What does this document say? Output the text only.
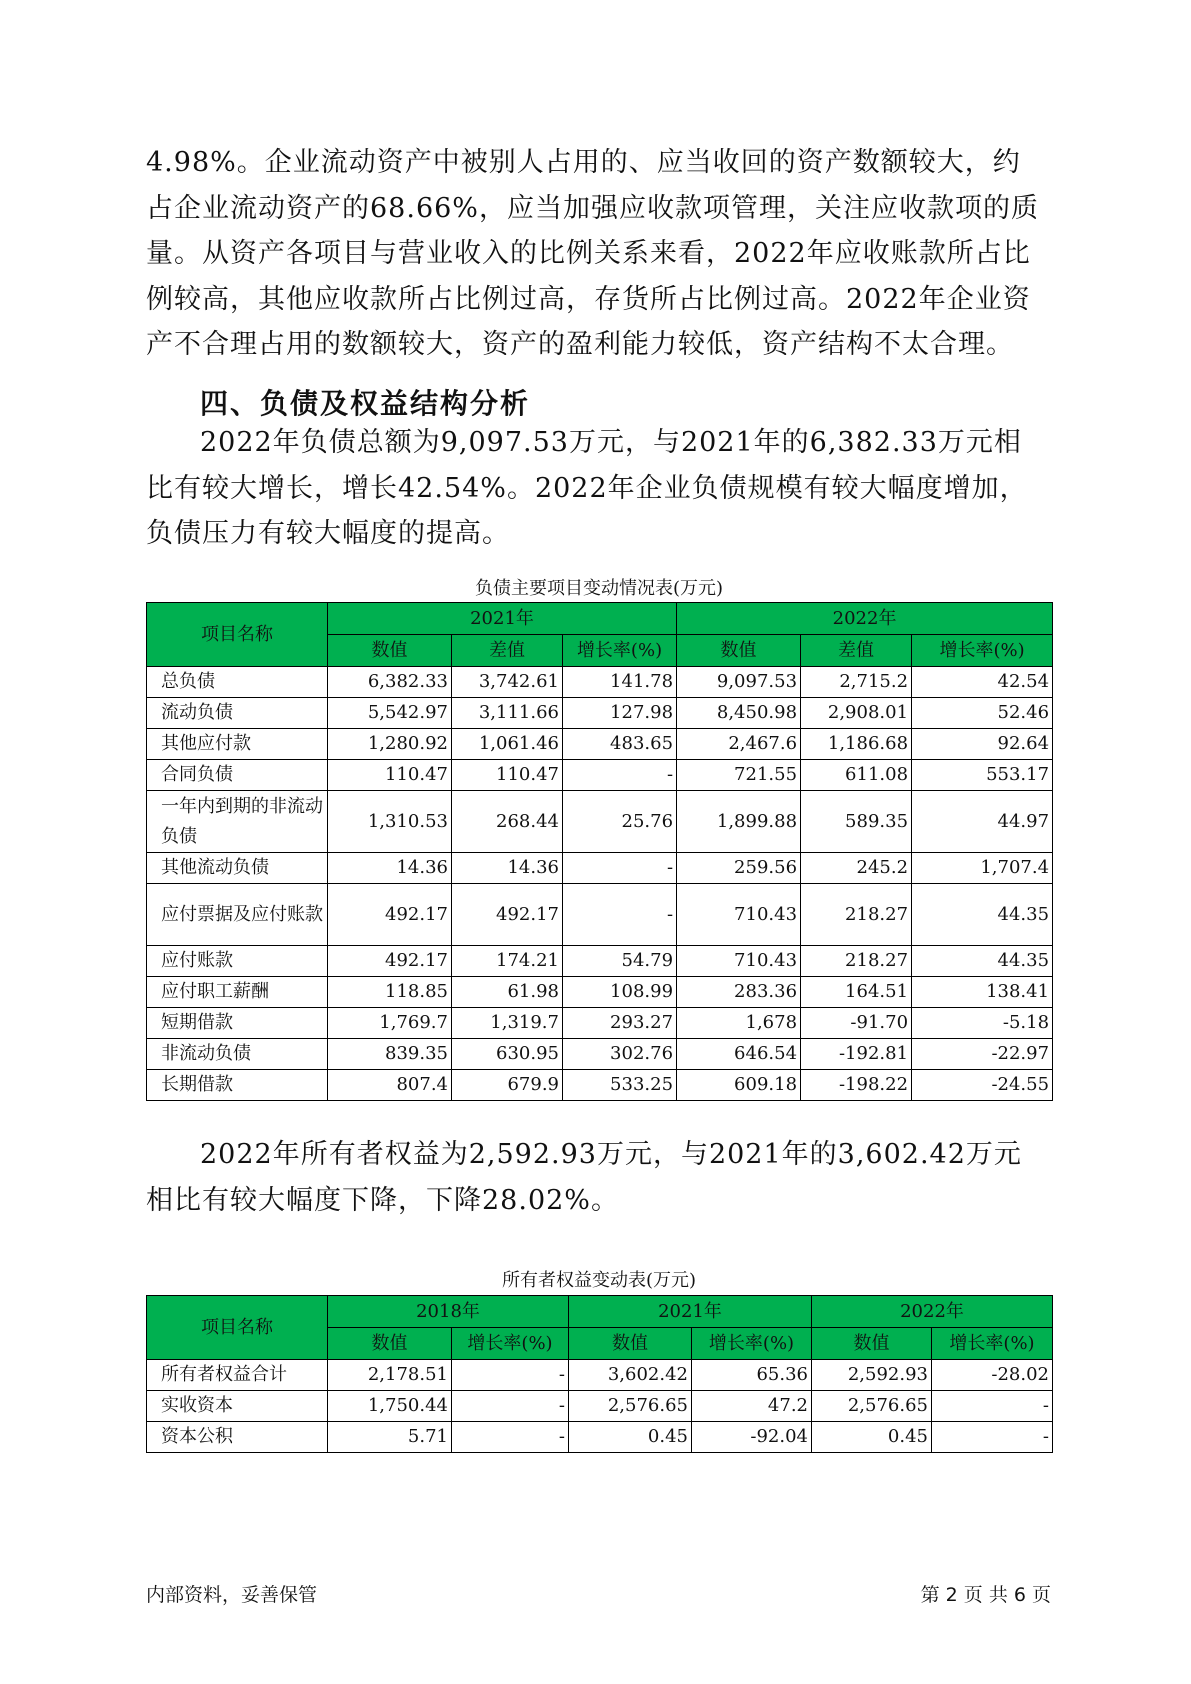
4.98%。企业流动资产中被别人占用的、应当收回的资产数额较大，约占企业流动资产的68.66%，应当加强应收款项管理，关注应收款项的质量。从资产各项目与营业收入的比例关系来看，2022年应收账款所占比例较高，其他应收款所占比例过高，存货所占比例过高。2022年企业资产不合理占用的数额较大，资产的盈利能力较低，资产结构不太合理。

四、负债及权益结构分析

2022年负债总额为9,097.53万元，与2021年的6,382.33万元相比有较大增长，增长42.54%。2022年企业负债规模有较大幅度增加，负债压力有较大幅度的提高。

负债主要项目变动情况表(万元)

项目名称	2021年			2022年		
	数值	差值	增长率(%)	数值	差值	增长率(%)
总负债	6,382.33	3,742.61	141.78	9,097.53	2,715.2	42.54
流动负债	5,542.97	3,111.66	127.98	8,450.98	2,908.01	52.46
其他应付款	1,280.92	1,061.46	483.65	2,467.6	1,186.68	92.64
合同负债	110.47	110.47	-	721.55	611.08	553.17
一年内到期的非流动负债	1,310.53	268.44	25.76	1,899.88	589.35	44.97
其他流动负债	14.36	14.36	-	259.56	245.2	1,707.4
应付票据及应付账款	492.17	492.17	-	710.43	218.27	44.35
应付账款	492.17	174.21	54.79	710.43	218.27	44.35
应付职工薪酬	118.85	61.98	108.99	283.36	164.51	138.41
短期借款	1,769.7	1,319.7	293.27	1,678	-91.70	-5.18
非流动负债	839.35	630.95	302.76	646.54	-192.81	-22.97
长期借款	807.4	679.9	533.25	609.18	-198.22	-24.55

2022年所有者权益为2,592.93万元，与2021年的3,602.42万元相比有较大幅度下降，下降28.02%。

所有者权益变动表(万元)

项目名称	2018年		2021年		2022年	
	数值	增长率(%)	数值	增长率(%)	数值	增长率(%)
所有者权益合计	2,178.51	-	3,602.42	65.36	2,592.93	-28.02
实收资本	1,750.44	-	2,576.65	47.2	2,576.65	-
资本公积	5.71	-	0.45	-92.04	0.45	-
内部资料，妥善保管	第 2 页 共 6 页
